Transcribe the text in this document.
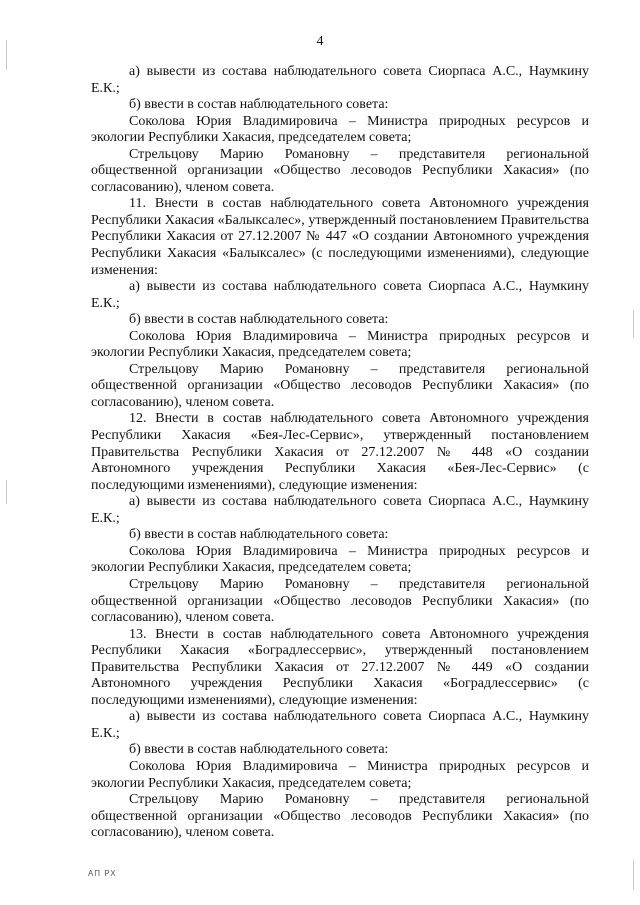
4

а) вывести из состава наблюдательного совета Сиорпаса А.С., Наумкину Е.К.;

б) ввести в состав наблюдательного совета:

Соколова Юрия Владимировича – Министра природных ресурсов и экологии Республики Хакасия, председателем совета;

Стрельцову Марию Романовну – представителя региональной общественной организации «Общество лесоводов Республики Хакасия» (по согласованию), членом совета.

11. Внести в состав наблюдательного совета Автономного учреждения Республики Хакасия «Балыксалес», утвержденный постановлением Правительства Республики Хакасия от 27.12.2007 № 447 «О создании Автономного учреждения Республики Хакасия «Балыксалес» (с последующими изменениями), следующие изменения:

а) вывести из состава наблюдательного совета Сиорпаса А.С., Наумкину Е.К.;

б) ввести в состав наблюдательного совета:

Соколова Юрия Владимировича – Министра природных ресурсов и экологии Республики Хакасия, председателем совета;

Стрельцову Марию Романовну – представителя региональной общественной организации «Общество лесоводов Республики Хакасия» (по согласованию), членом совета.

12. Внести в состав наблюдательного совета Автономного учреждения Республики Хакасия «Бея-Лес-Сервис», утвержденный постановлением Правительства Республики Хакасия от 27.12.2007 № 448 «О создании Автономного учреждения Республики Хакасия «Бея-Лес-Сервис» (с последующими изменениями), следующие изменения:

а) вывести из состава наблюдательного совета Сиорпаса А.С., Наумкину Е.К.;

б) ввести в состав наблюдательного совета:

Соколова Юрия Владимировича – Министра природных ресурсов и экологии Республики Хакасия, председателем совета;

Стрельцову Марию Романовну – представителя региональной общественной организации «Общество лесоводов Республики Хакасия» (по согласованию), членом совета.

13. Внести в состав наблюдательного совета Автономного учреждения Республики Хакасия «Боградлессервис», утвержденный постановлением Правительства Республики Хакасия от 27.12.2007 № 449 «О создании Автономного учреждения Республики Хакасия «Боградлессервис» (с последующими изменениями), следующие изменения:

а) вывести из состава наблюдательного совета Сиорпаса А.С., Наумкину Е.К.;

б) ввести в состав наблюдательного совета:

Соколова Юрия Владимировича – Министра природных ресурсов и экологии Республики Хакасия, председателем совета;

Стрельцову Марию Романовну – представителя региональной общественной организации «Общество лесоводов Республики Хакасия» (по согласованию), членом совета.

АП РХ
